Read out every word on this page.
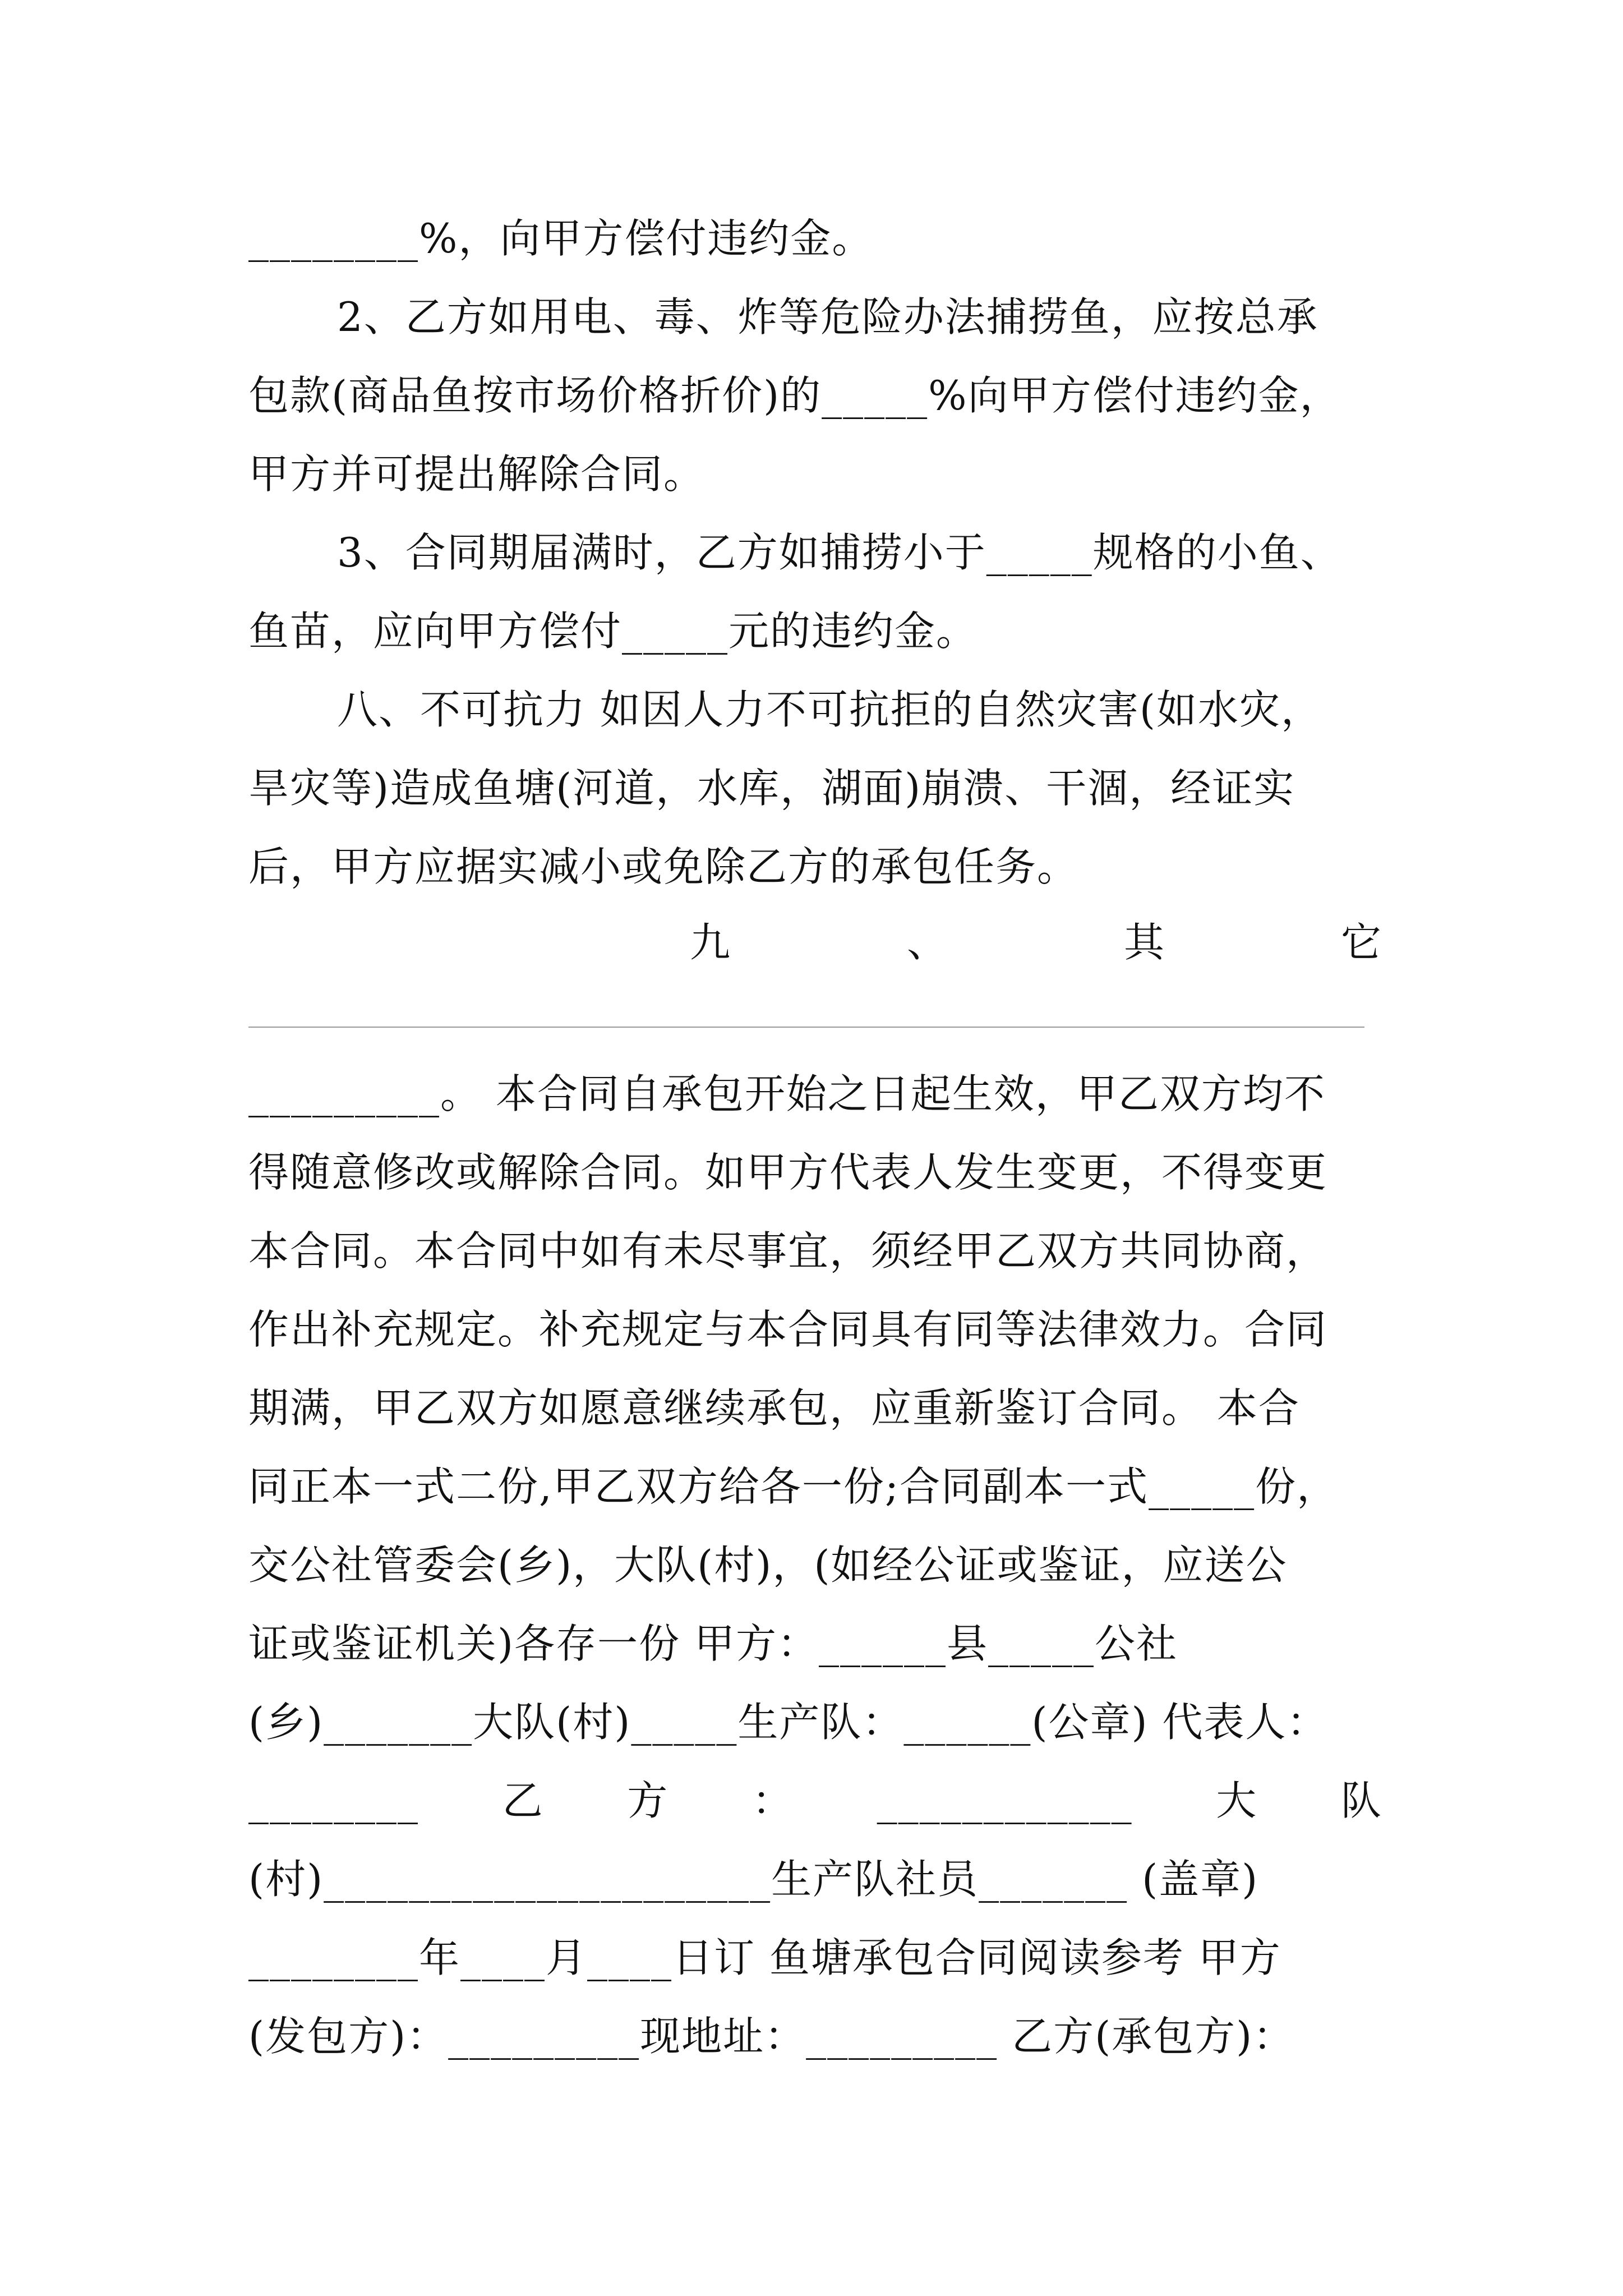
________%，向甲方偿付违约金。
2、乙方如用电、毒、炸等危险办法捕捞鱼，应按总承
包款(商品鱼按市场价格折价)的_____%向甲方偿付违约金，
甲方并可提出解除合同。
3、合同期届满时，乙方如捕捞小于_____规格的小鱼、
鱼苗，应向甲方偿付_____元的违约金。
八、不可抗力 如因人力不可抗拒的自然灾害(如水灾，
旱灾等)造成鱼塘(河道，水库，湖面)崩溃、干涸，经证实
后，甲方应据实减小或免除乙方的承包任务。
九	、	其	它
_________。 本合同自承包开始之日起生效，甲乙双方均不
得随意修改或解除合同。如甲方代表人发生变更，不得变更
本合同。本合同中如有未尽事宜，须经甲乙双方共同协商，
作出补充规定。补充规定与本合同具有同等法律效力。合同
期满，甲乙双方如愿意继续承包，应重新鉴订合同。 本合
同正本一式二份,甲乙双方给各一份;合同副本一式_____份，
交公社管委会(乡)，大队(村)，(如经公证或鉴证，应送公
证或鉴证机关)各存一份 甲方：______县_____公社
(乡)_______大队(村)_____生产队：______(公章) 代表人：
________ 乙 方 ： ____________ 大 队
(村)_____________________生产队社员_______ (盖章)
________年____月____日订 鱼塘承包合同阅读参考 甲方
(发包方)：_________现地址：_________ 乙方(承包方)：
